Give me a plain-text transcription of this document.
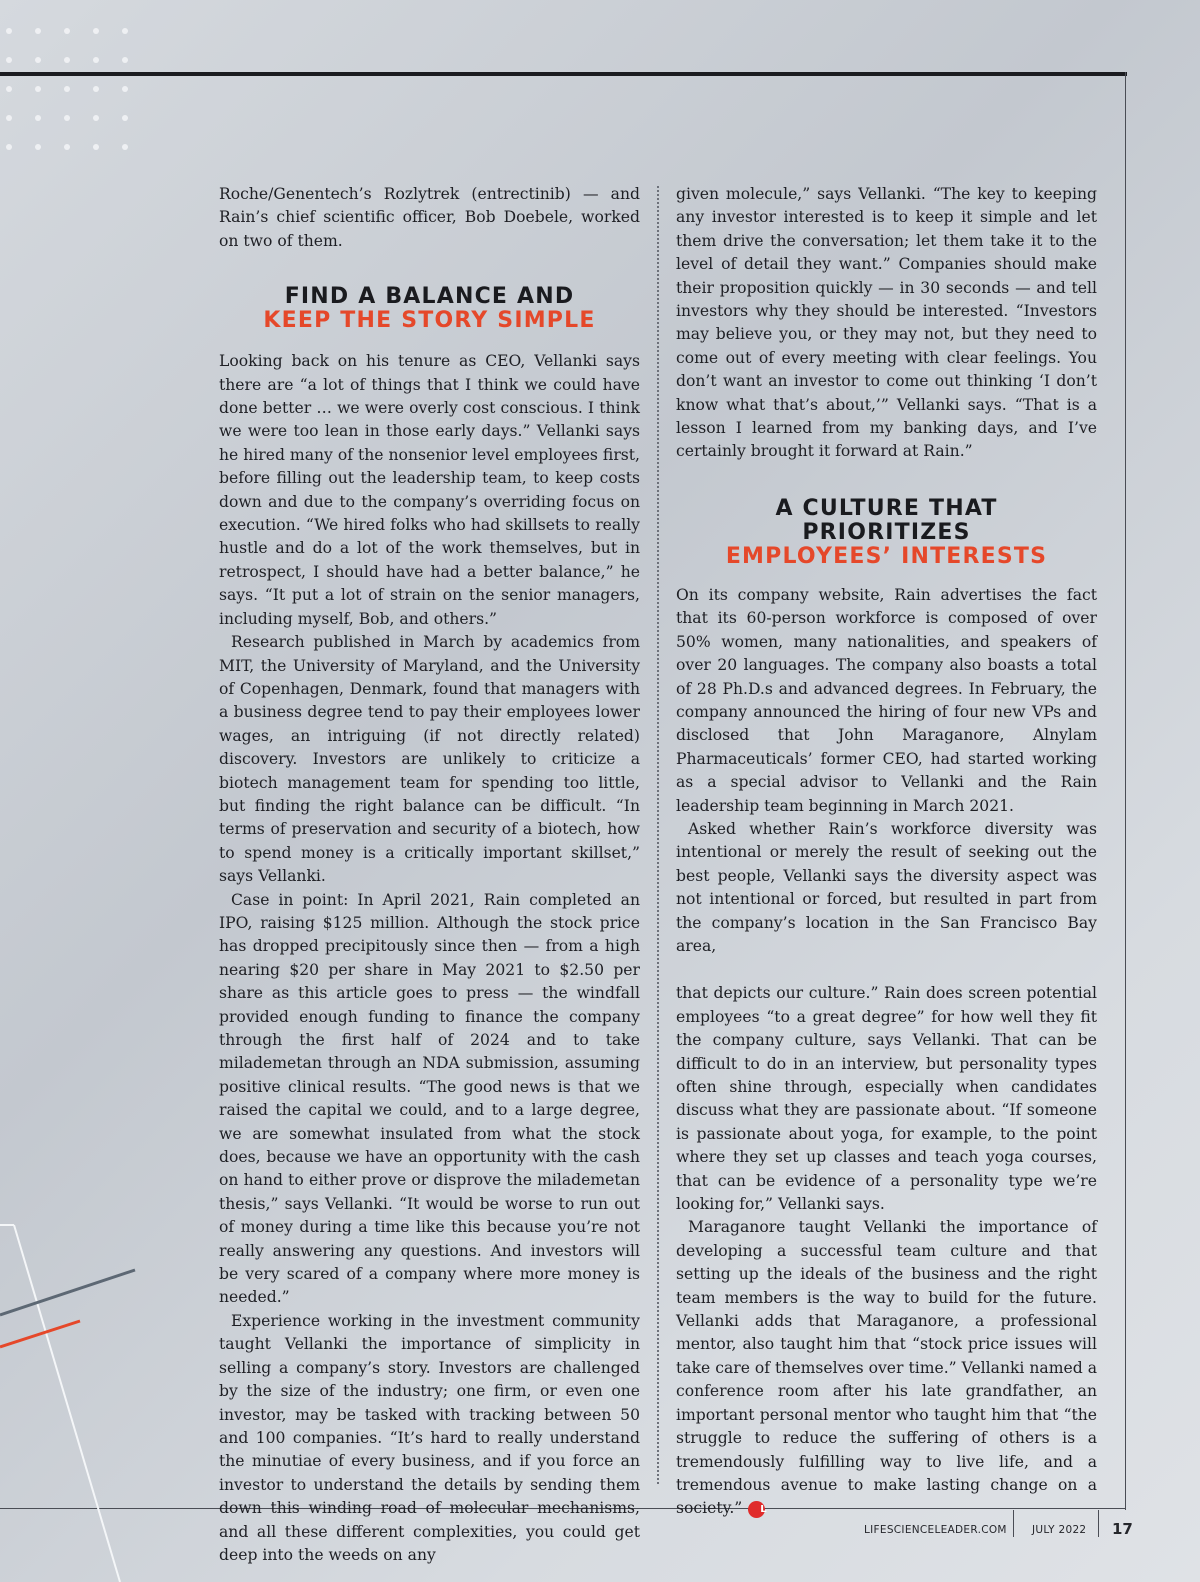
Roche/Genentech’s Rozlytrek (entrectinib) — and Rain’s chief scientific officer, Bob Doebele, worked on two of them.

FIND A BALANCE AND
KEEP THE STORY SIMPLE

Looking back on his tenure as CEO, Vellanki says there are “a lot of things that I think we could have done better … we were overly cost conscious. I think we were too lean in those early days.” Vellanki says he hired many of the nonsenior level employees first, before filling out the leadership team, to keep costs down and due to the company’s overriding focus on execution. “We hired folks who had skillsets to really hustle and do a lot of the work themselves, but in retrospect, I should have had a better balance,” he says. “It put a lot of strain on the senior managers, including myself, Bob, and others.”

Research published in March by academics from MIT, the University of Maryland, and the University of Copenhagen, Denmark, found that managers with a business degree tend to pay their employees lower wages, an intriguing (if not directly related) discovery. Investors are unlikely to criticize a biotech management team for spending too little, but finding the right balance can be difficult. “In terms of preservation and security of a biotech, how to spend money is a critically important skillset,” says Vellanki.

Case in point: In April 2021, Rain completed an IPO, raising $125 million. Although the stock price has dropped precipitously since then — from a high nearing $20 per share in May 2021 to $2.50 per share as this article goes to press — the windfall provided enough funding to finance the company through the first half of 2024 and to take milademetan through an NDA submission, assuming positive clinical results. “The good news is that we raised the capital we could, and to a large degree, we are somewhat insulated from what the stock does, because we have an opportunity with the cash on hand to either prove or disprove the milademetan thesis,” says Vellanki. “It would be worse to run out of money during a time like this because you’re not really answering any questions. And investors will be very scared of a company where more money is needed.”

Experience working in the investment community taught Vellanki the importance of simplicity in selling a company’s story. Investors are challenged by the size of the industry; one firm, or even one investor, may be tasked with tracking between 50 and 100 companies. “It’s hard to really understand the minutiae of every business, and if you force an investor to understand the details by sending them down this winding road of molecular mechanisms, and all these different complexities, you could get deep into the weeds on any

given molecule,” says Vellanki. “The key to keeping any investor interested is to keep it simple and let them drive the conversation; let them take it to the level of detail they want.” Companies should make their proposition quickly — in 30 seconds — and tell investors why they should be interested. “Investors may believe you, or they may not, but they need to come out of every meeting with clear feelings. You don’t want an investor to come out thinking ‘I don’t know what that’s about,’” Vellanki says. “That is a lesson I learned from my banking days, and I’ve certainly brought it forward at Rain.”

A CULTURE THAT
PRIORITIZES
EMPLOYEES’ INTERESTS

On its company website, Rain advertises the fact that its 60-person workforce is composed of over 50% women, many nationalities, and speakers of over 20 languages. The company also boasts a total of 28 Ph.D.s and advanced degrees. In February, the company announced the hiring of four new VPs and disclosed that John Maraganore, Alnylam Pharmaceuticals’ former CEO, had started working as a special advisor to Vellanki and the Rain leadership team beginning in March 2021.

Asked whether Rain’s workforce diversity was intentional or merely the result of seeking out the best people, Vellanki says the diversity aspect was not intentional or forced, but resulted in part from the company’s location in the San Francisco Bay area,

that depicts our culture.” Rain does screen potential employees “to a great degree” for how well they fit the company culture, says Vellanki. That can be difficult to do in an interview, but personality types often shine through, especially when candidates discuss what they are passionate about. “If someone is passionate about yoga, for example, to the point where they set up classes and teach yoga courses, that can be evidence of a personality type we’re looking for,” Vellanki says.

Maraganore taught Vellanki the importance of developing a successful team culture and that setting up the ideals of the business and the right team members is the way to build for the future. Vellanki adds that Maraganore, a professional mentor, also taught him that “stock price issues will take care of themselves over time.” Vellanki named a conference room after his late grandfather, an important personal mentor who taught him that “the struggle to reduce the suffering of others is a tremendously fulfilling way to live life, and a tremendous avenue to make lasting change on a society.” L

LIFESCIENCELEADER.COM JULY 2022 17
